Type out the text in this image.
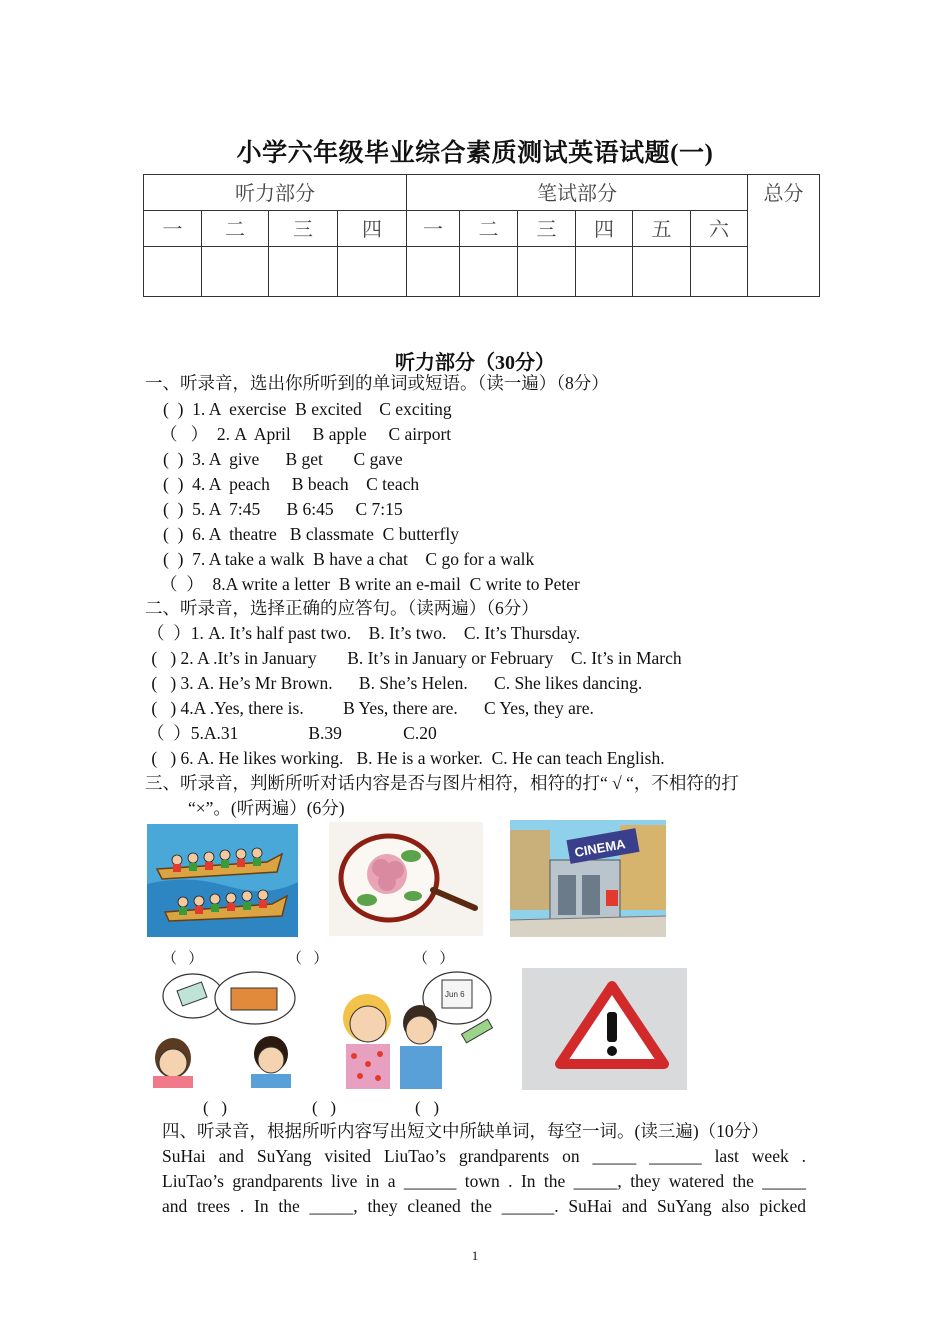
小学六年级毕业综合素质测试英语试题(一)
听力部分				笔试部分						总分
一	二	三	四	一	二	三	四	五	六	

听力部分（30分）
一、听录音，选出你所听到的单词或短语。（读一遍）（8分）
(  )  1. A  exercise  B excited    C exciting
（   ）  2. A  April     B apple     C airport
(  )  3. A  give      B get       C gave
(  )  4. A  peach     B beach    C teach
(  )  5. A  7:45      B 6:45     C 7:15
(  )  6. A  theatre   B classmate  C butterfly
(  )  7. A take a walk  B have a chat    C go for a walk
（  ）  8.A write a letter  B write an e-mail  C write to Peter
二、听录音，选择正确的应答句。（读两遍）（6分）
（  ）1. A. It’s half past two.    B. It’s two.    C. It’s Thursday.
(   ) 2. A .It’s in January       B. It’s in January or February    C. It’s in March
(   ) 3. A. He’s Mr Brown.      B. She’s Helen.      C. She likes dancing.
(   ) 4.A .Yes, there is.         B Yes, there are.      C Yes, they are.
（  ）5.A.31                B.39              C.20
(   ) 6. A. He likes working.   B. He is a worker.  C. He can teach English.
三、听录音，判断所听对话内容是否与图片相符，相符的打“ √ “，不相符的打
“×”。(听两遍）(6分)
CINEMA
（   ）	（   ）	（   ）
Jun 6
(   )	(   )	(   )
四、听录音，根据所听内容写出短文中所缺单词，每空一词。(读三遍)（10分）
SuHai and SuYang visited LiuTao’s grandparents on _____ ______ last week .
LiuTao’s grandparents live in a ______ town . In the _____, they watered the _____
and trees . In the _____, they cleaned the ______. SuHai and SuYang also picked
1
